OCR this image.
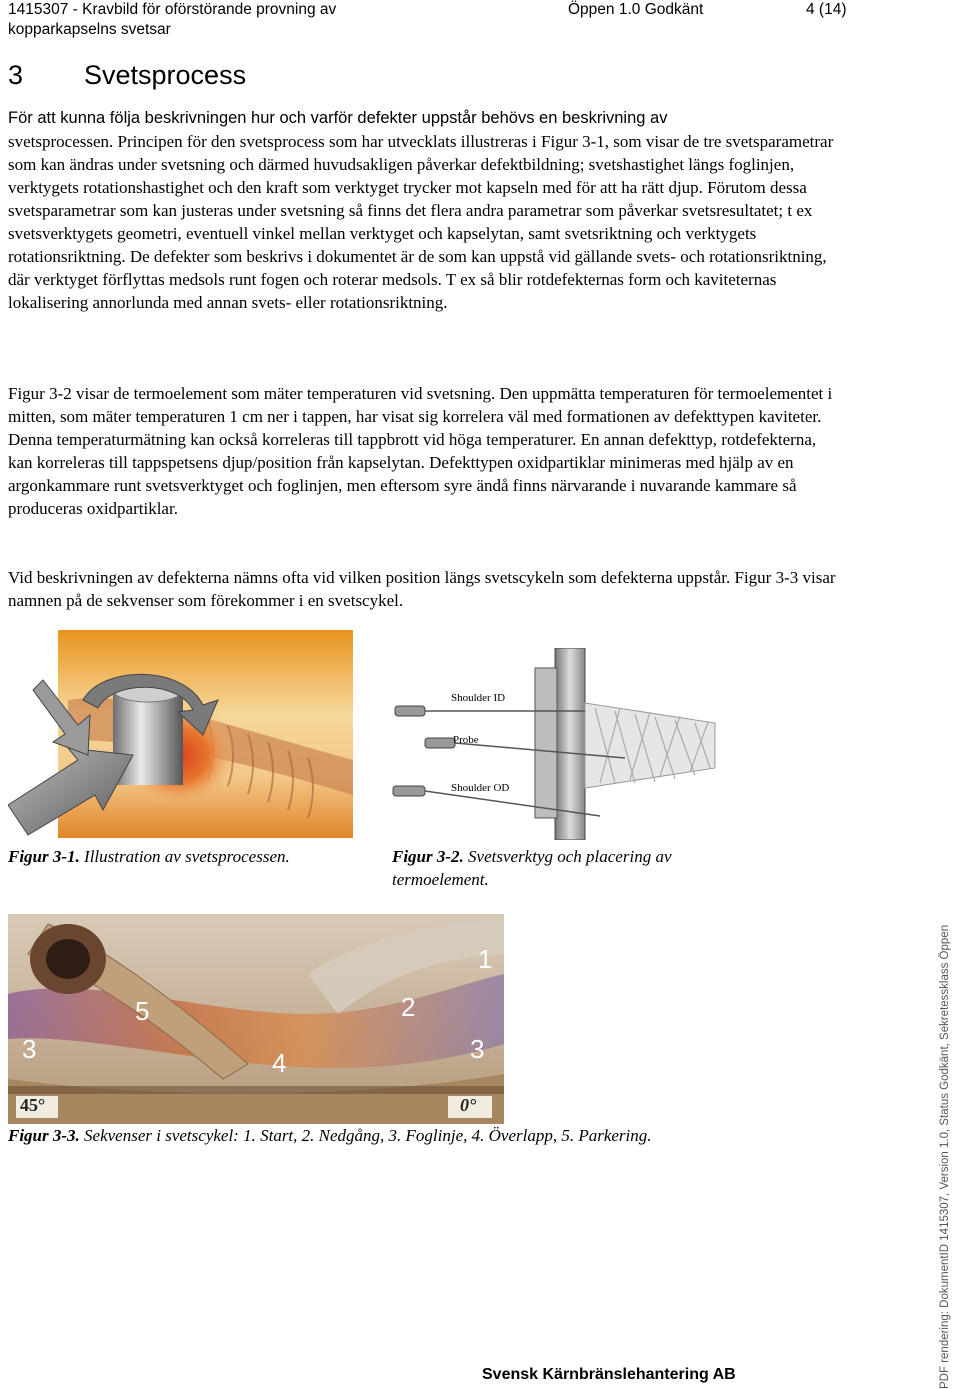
1415307 - Kravbild för oförstörande provning av
kopparkapselns svetsar
Öppen 1.0 Godkänt	4 (14)
3 Svetsprocess
För att kunna följa beskrivningen hur och varför defekter uppstår behövs en beskrivning av
svetsprocessen. Principen för den svetsprocess som har utvecklats illustreras i Figur 3-1, som visar de tre svetsparametrar som kan ändras under svetsning och därmed huvudsakligen påverkar defektbildning; svetshastighet längs foglinjen, verktygets rotationshastighet och den kraft som verktyget trycker mot kapseln med för att ha rätt djup. Förutom dessa svetsparametrar som kan justeras under svetsning så finns det flera andra parametrar som påverkar svetsresultatet; t ex svetsverktygets geometri, eventuell vinkel mellan verktyget och kapselytan, samt svetsriktning och verktygets rotationsriktning. De defekter som beskrivs i dokumentet är de som kan uppstå vid gällande svets- och rotationsriktning, där verktyget förflyttas medsols runt fogen och roterar medsols. T ex så blir rotdefekternas form och kaviteternas lokalisering annorlunda med annan svets- eller rotationsriktning.
Figur 3-2 visar de termoelement som mäter temperaturen vid svetsning. Den uppmätta temperaturen för termoelementet i mitten, som mäter temperaturen 1 cm ner i tappen, har visat sig korrelera väl med formationen av defekttypen kaviteter. Denna temperaturmätning kan också korreleras till tappbrott vid höga temperaturer. En annan defekttyp, rotdefekterna, kan korreleras till tappspetsens djup/position från kapselytan. Defekttypen oxidpartiklar minimeras med hjälp av en argonkammare runt svetsverktyget och foglinjen, men eftersom syre ändå finns närvarande i nuvarande kammare så produceras oxidpartiklar.
Vid beskrivningen av defekterna nämns ofta vid vilken position längs svetscykeln som defekterna uppstår. Figur 3-3 visar namnen på de sekvenser som förekommer i en svetscykel.
Shoulder ID
Probe
Shoulder OD
Figur 3-1. Illustration av svetsprocessen.	Figur 3-2. Svetsverktyg och placering av termoelement.
1
2
3	3
4
5
45°	0°
Figur 3-3. Sekvenser i svetscykel: 1. Start, 2. Nedgång, 3. Foglinje, 4. Överlapp, 5. Parkering.
Svensk Kärnbränslehantering AB	PDF rendering: DokumentID 1415307, Version 1.0, Status Godkänt, Sekretessklass Öppen
